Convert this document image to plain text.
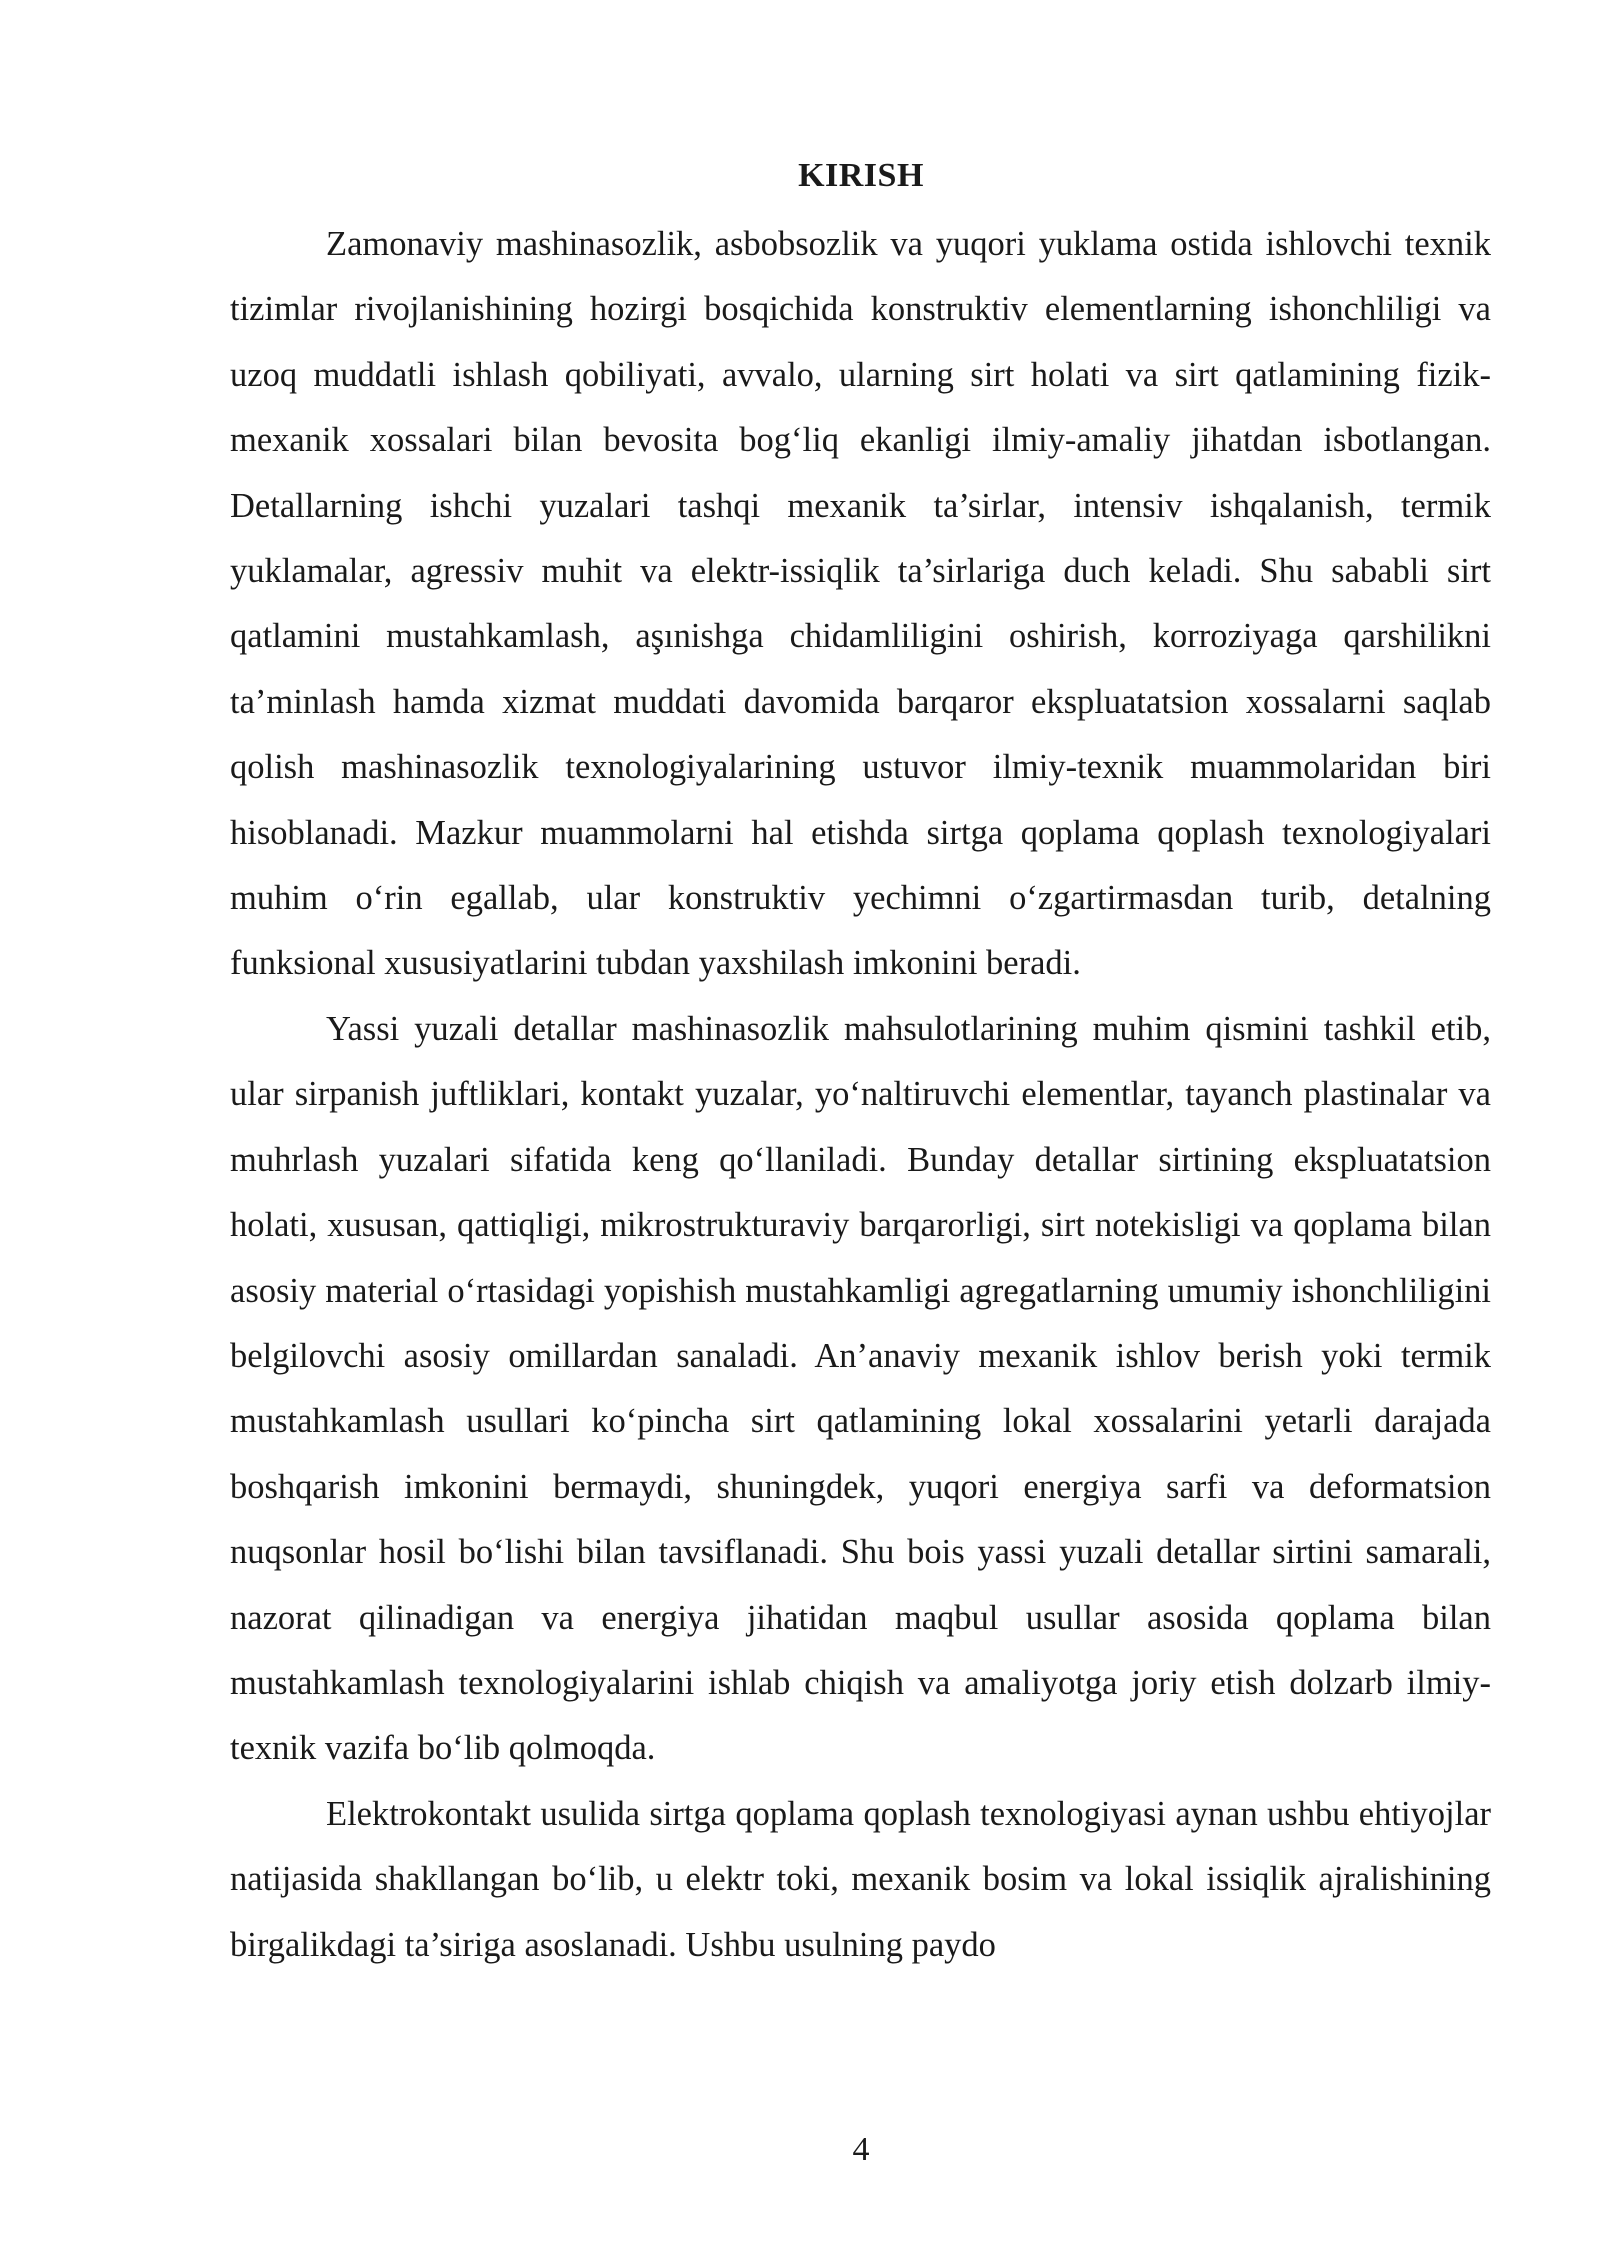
KIRISH

Zamonaviy mashinasozlik, asbobsozlik va yuqori yuklama ostida ishlovchi texnik tizimlar rivojlanishining hozirgi bosqichida konstruktiv elementlarning ishonchliligi va uzoq muddatli ishlash qobiliyati, avvalo, ularning sirt holati va sirt qatlamining fizik-mexanik xossalari bilan bevosita bog‘liq ekanligi ilmiy-amaliy jihatdan isbotlangan. Detallarning ishchi yuzalari tashqi mexanik ta’sirlar, intensiv ishqalanish, termik yuklamalar, agressiv muhit va elektr-issiqlik ta’sirlariga duch keladi. Shu sababli sirt qatlamini mustahkamlash, aşınishga chidamliligini oshirish, korroziyaga qarshilikni ta’minlash hamda xizmat muddati davomida barqaror ekspluatatsion xossalarni saqlab qolish mashinasozlik texnologiyalarining ustuvor ilmiy-texnik muammolaridan biri hisoblanadi. Mazkur muammolarni hal etishda sirtga qoplama qoplash texnologiyalari muhim o‘rin egallab, ular konstruktiv yechimni o‘zgartirmasdan turib, detalning funksional xususiyatlarini tubdan yaxshilash imkonini beradi.

Yassi yuzali detallar mashinasozlik mahsulotlarining muhim qismini tashkil etib, ular sirpanish juftliklari, kontakt yuzalar, yo‘naltiruvchi elementlar, tayanch plastinalar va muhrlash yuzalari sifatida keng qo‘llaniladi. Bunday detallar sirtining ekspluatatsion holati, xususan, qattiqligi, mikrostrukturaviy barqarorligi, sirt notekisligi va qoplama bilan asosiy material o‘rtasidagi yopishish mustahkamligi agregatlarning umumiy ishonchliligini belgilovchi asosiy omillardan sanaladi. An’anaviy mexanik ishlov berish yoki termik mustahkamlash usullari ko‘pincha sirt qatlamining lokal xossalarini yetarli darajada boshqarish imkonini bermaydi, shuningdek, yuqori energiya sarfi va deformatsion nuqsonlar hosil bo‘lishi bilan tavsiflanadi. Shu bois yassi yuzali detallar sirtini samarali, nazorat qilinadigan va energiya jihatidan maqbul usullar asosida qoplama bilan mustahkamlash texnologiyalarini ishlab chiqish va amaliyotga joriy etish dolzarb ilmiy-texnik vazifa bo‘lib qolmoqda.

Elektrokontakt usulida sirtga qoplama qoplash texnologiyasi aynan ushbu ehtiyojlar natijasida shakllangan bo‘lib, u elektr toki, mexanik bosim va lokal issiqlik ajralishining birgalikdagi ta’siriga asoslanadi. Ushbu usulning paydo

4
